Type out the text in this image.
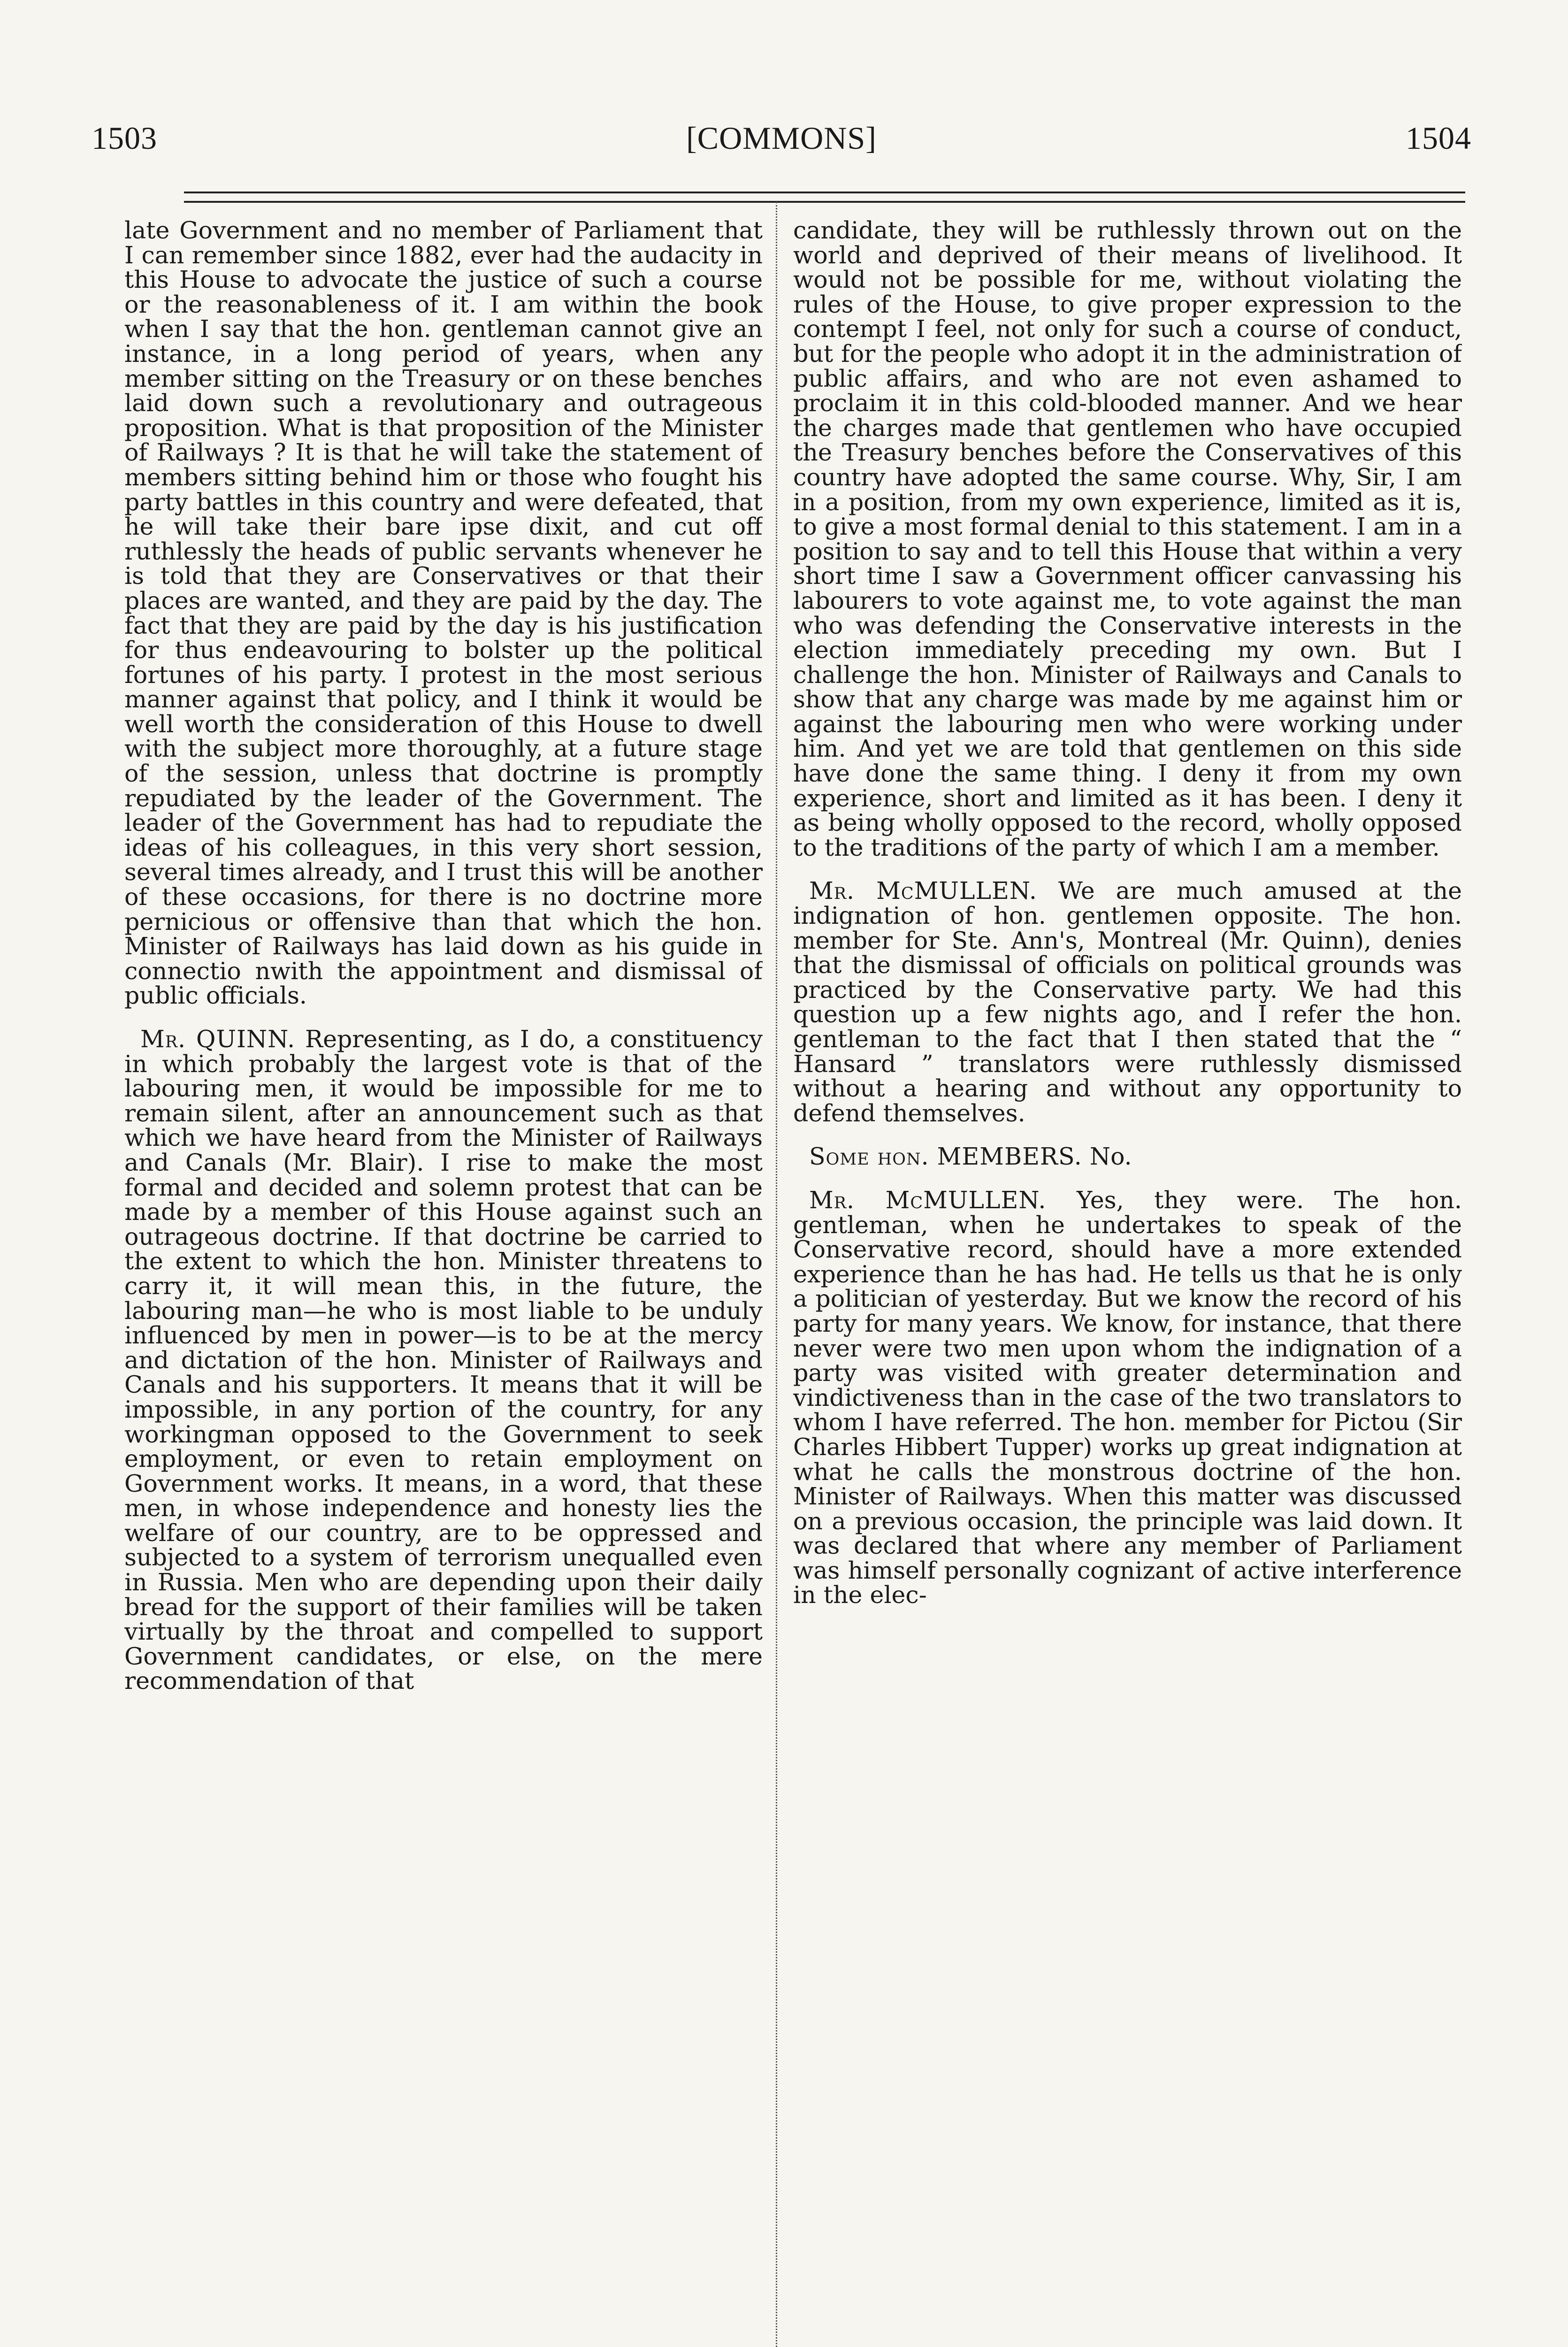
1503	[COMMONS]	1504

late Government and no member of Parliament that I can remember since 1882, ever had the audacity in this House to advocate the justice of such a course or the reasonableness of it. I am within the book when I say that the hon. gentleman cannot give an instance, in a long period of years, when any member sitting on the Treasury or on these benches laid down such a revolutionary and outrageous proposition. What is that proposition of the Minister of Railways ? It is that he will take the statement of members sitting behind him or those who fought his party battles in this country and were defeated, that he will take their bare ipse dixit, and cut off ruthlessly the heads of public servants whenever he is told that they are Conservatives or that their places are wanted, and they are paid by the day. The fact that they are paid by the day is his justification for thus endeavouring to bolster up the political fortunes of his party. I protest in the most serious manner against that policy, and I think it would be well worth the consideration of this House to dwell with the subject more thoroughly, at a future stage of the session, unless that doctrine is promptly repudiated by the leader of the Government. The leader of the Government has had to repudiate the ideas of his colleagues, in this very short session, several times already, and I trust this will be another of these occasions, for there is no doctrine more pernicious or offensive than that which the hon. Minister of Railways has laid down as his guide in connectio nwith the appointment and dismissal of public officials.

Mr. QUINN. Representing, as I do, a constituency in which probably the largest vote is that of the labouring men, it would be impossible for me to remain silent, after an announcement such as that which we have heard from the Minister of Railways and Canals (Mr. Blair). I rise to make the most formal and decided and solemn protest that can be made by a member of this House against such an outrageous doctrine. If that doctrine be carried to the extent to which the hon. Minister threatens to carry it, it will mean this, in the future, the labouring man—he who is most liable to be unduly influenced by men in power—is to be at the mercy and dictation of the hon. Minister of Railways and Canals and his supporters. It means that it will be impossible, in any portion of the country, for any workingman opposed to the Government to seek employment, or even to retain employment on Government works. It means, in a word, that these men, in whose independence and honesty lies the welfare of our country, are to be oppressed and subjected to a system of terrorism unequalled even in Russia. Men who are depending upon their daily bread for the support of their families will be taken virtually by the throat and compelled to support Government candidates, or else, on the mere recommendation of that

candidate, they will be ruthlessly thrown out on the world and deprived of their means of livelihood. It would not be possible for me, without violating the rules of the House, to give proper expression to the contempt I feel, not only for such a course of conduct, but for the people who adopt it in the administration of public affairs, and who are not even ashamed to proclaim it in this cold-blooded manner. And we hear the charges made that gentlemen who have occupied the Treasury benches before the Conservatives of this country have adopted the same course. Why, Sir, I am in a position, from my own experience, limited as it is, to give a most formal denial to this statement. I am in a position to say and to tell this House that within a very short time I saw a Government officer canvassing his labourers to vote against me, to vote against the man who was defending the Conservative interests in the election immediately preceding my own. But I challenge the hon. Minister of Railways and Canals to show that any charge was made by me against him or against the labouring men who were working under him. And yet we are told that gentlemen on this side have done the same thing. I deny it from my own experience, short and limited as it has been. I deny it as being wholly opposed to the record, wholly opposed to the traditions of the party of which I am a member.

Mr. McMULLEN. We are much amused at the indignation of hon. gentlemen opposite. The hon. member for Ste. Ann's, Montreal (Mr. Quinn), denies that the dismissal of officials on political grounds was practiced by the Conservative party. We had this question up a few nights ago, and I refer the hon. gentleman to the fact that I then stated that the “ Hansard ” translators were ruthlessly dismissed without a hearing and without any opportunity to defend themselves.

Some hon. MEMBERS. No.

Mr. McMULLEN. Yes, they were. The hon. gentleman, when he undertakes to speak of the Conservative record, should have a more extended experience than he has had. He tells us that he is only a politician of yesterday. But we know the record of his party for many years. We know, for instance, that there never were two men upon whom the indignation of a party was visited with greater determination and vindictiveness than in the case of the two translators to whom I have referred. The hon. member for Pictou (Sir Charles Hibbert Tupper) works up great indignation at what he calls the monstrous doctrine of the hon. Minister of Railways. When this matter was discussed on a previous occasion, the principle was laid down. It was declared that where any member of Parliament was himself personally cognizant of active interference in the elec-
